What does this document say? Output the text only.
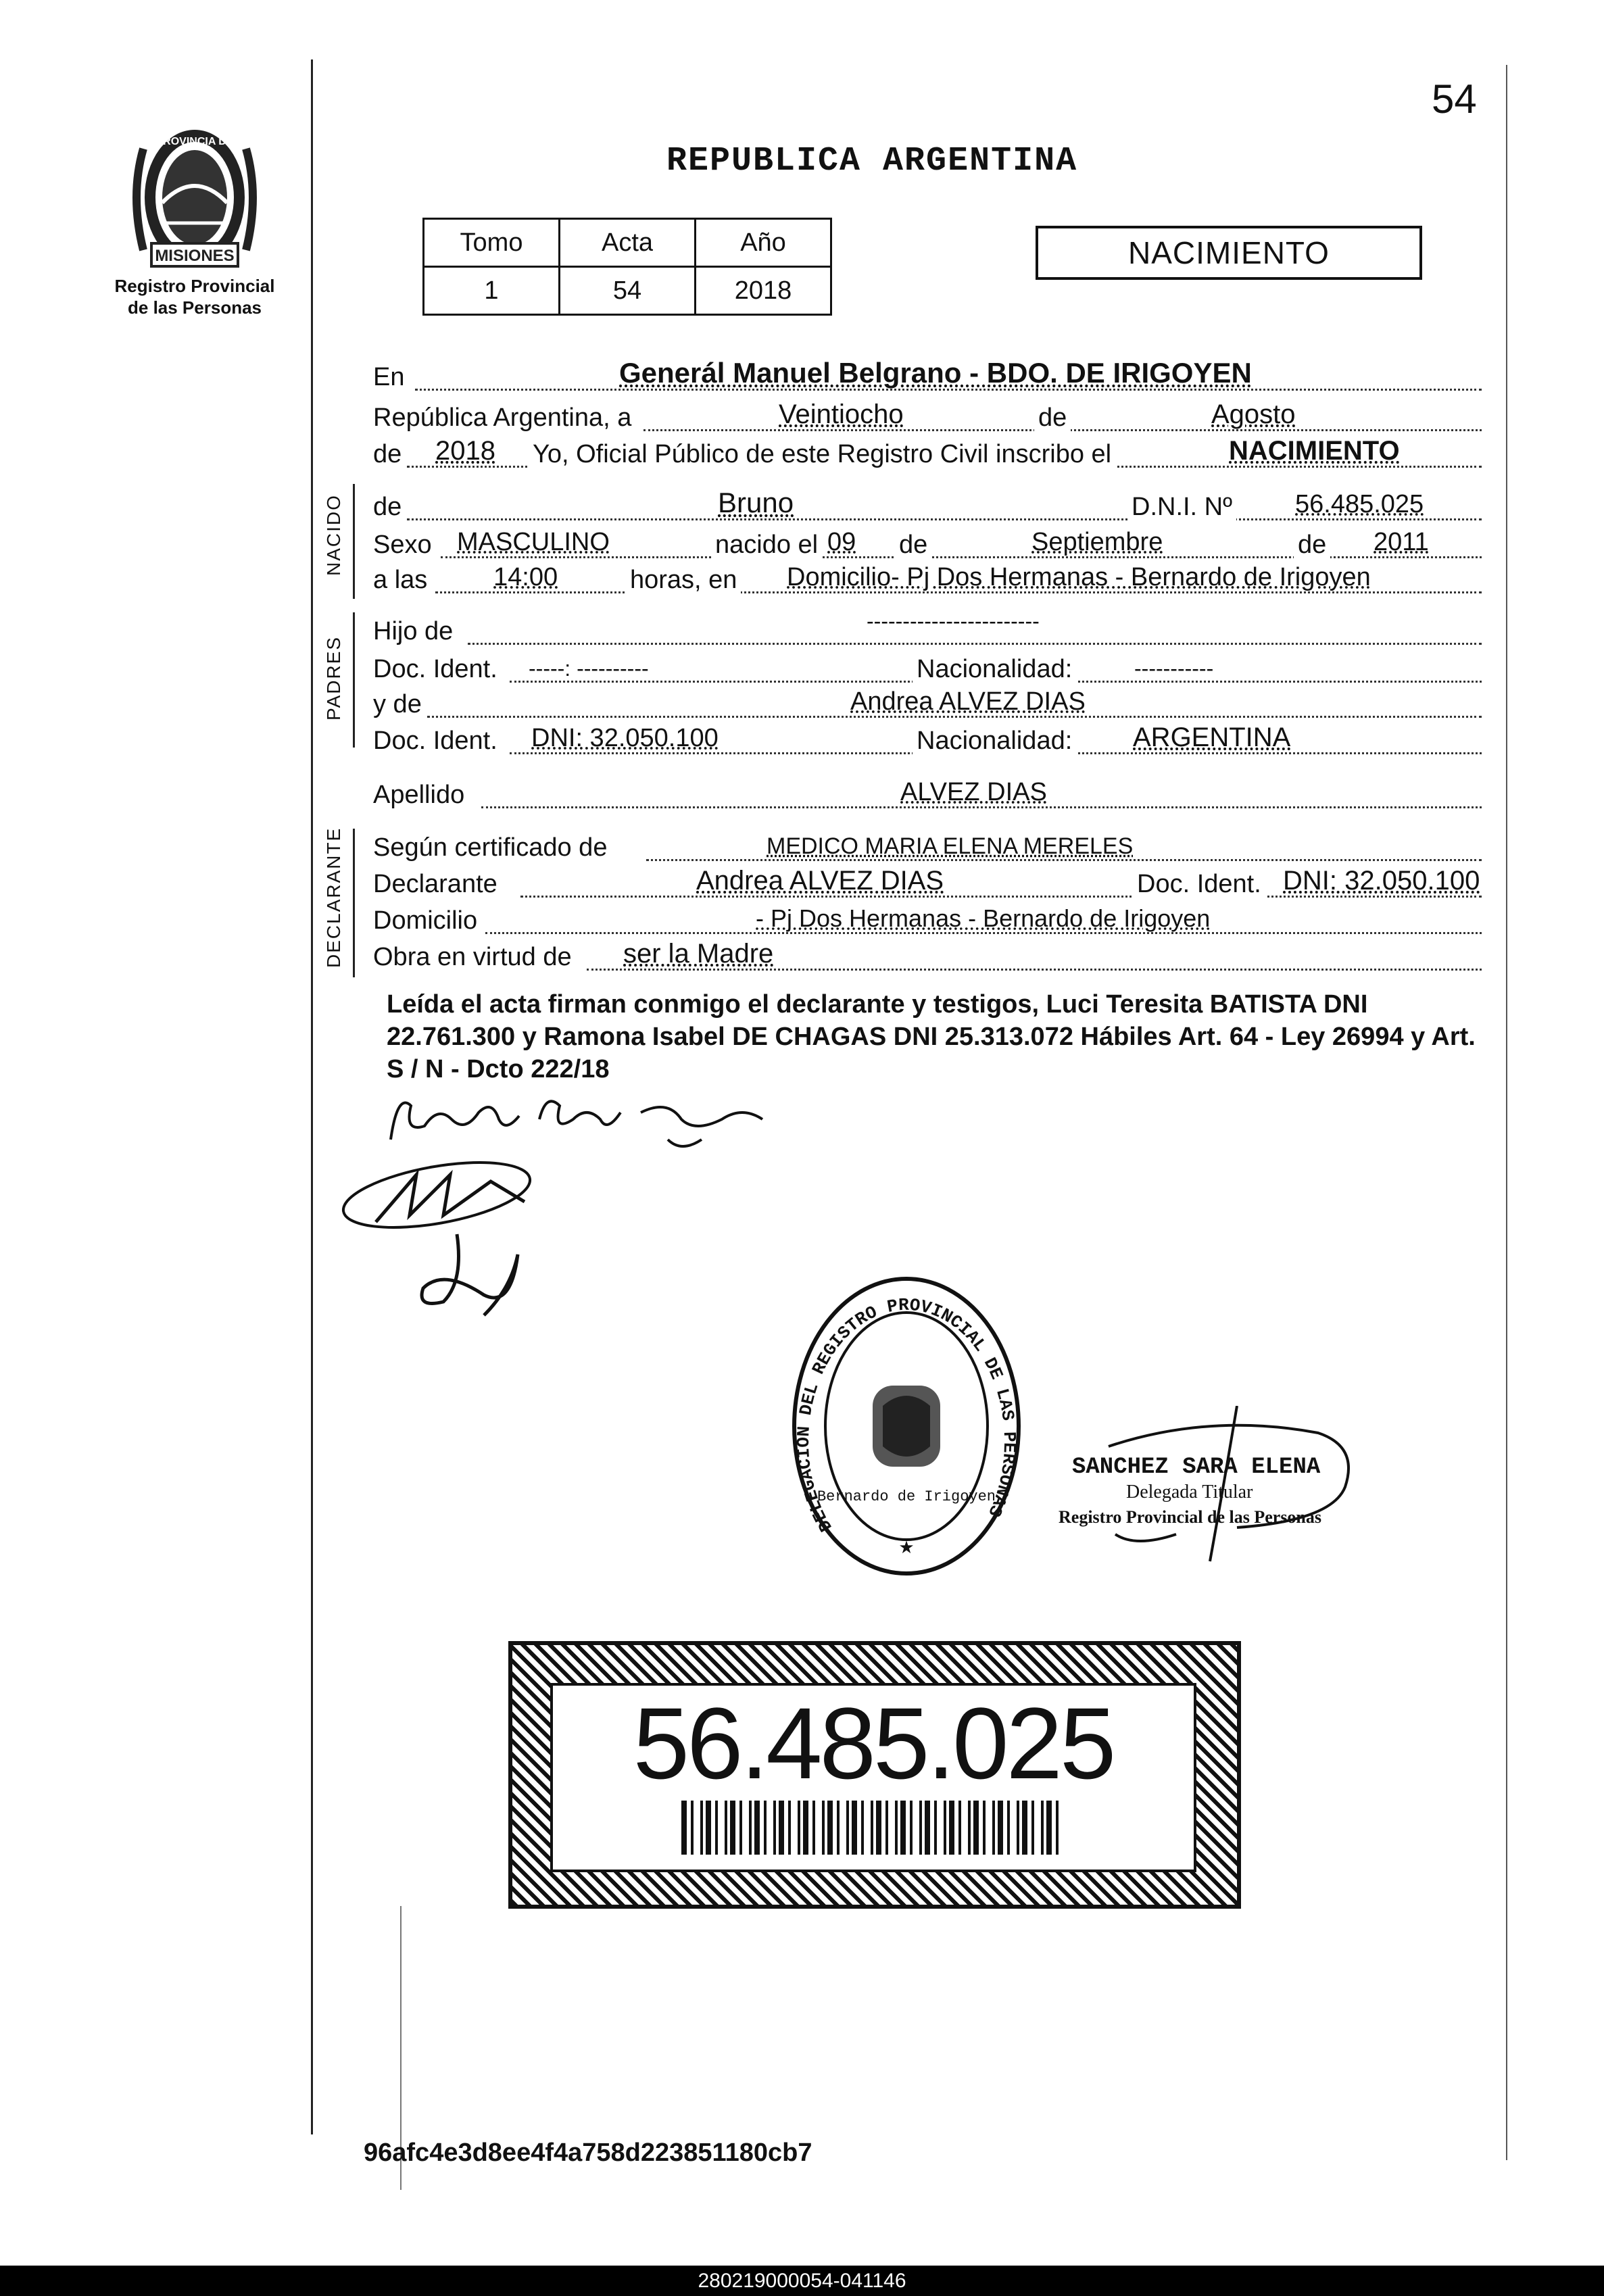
54
MISIONES
PROVINCIA DE
Registro Provincial
de las Personas
REPUBLICA ARGENTINA
Tomo	Acta	Año
1	54	2018
NACIMIENTO
En	Generál Manuel Belgrano - BDO. DE IRIGOYEN
República Argentina, a	Veintiocho	de	Agosto
de 2018 Yo, Oficial Público de este Registro Civil inscribo el	NACIMIENTO
NACIDO de	Bruno	D.N.I. Nº 56.485.025
Sexo MASCULINO	nacido el 09 de	Septiembre	de 2011
a las	14:00	horas, en Domicilio- Pj Dos Hermanas - Bernardo de Irigoyen
PADRES
Hijo de	------------------------
Doc. Ident. -----: ----------	Nacionalidad:	-----------
y de	Andrea ALVEZ DIAS
Doc. Ident. DNI: 32.050.100	Nacionalidad: ARGENTINA
Apellido	ALVEZ DIAS
DECLARANTE Según certificado de	MEDICO MARIA ELENA MERELES
Declarante	Andrea ALVEZ DIAS	Doc. Ident. DNI: 32.050.100
Domicilio	- Pj Dos Hermanas - Bernardo de Irigoyen
Obra en virtud de ser la Madre
Leída el acta firman conmigo el declarante y testigos, Luci Teresita BATISTA DNI 22.761.300 y Ramona Isabel DE CHAGAS DNI 25.313.072 Hábiles Art. 64 - Ley 26994 y Art. S / N - Dcto 222/18
DELEGACION DEL REGISTRO PROVINCIAL DE LAS PERSONAS
Bernardo de Irigoyen
★
SANCHEZ SARA ELENA
Delegada Titular
Registro Provincial de las Personas
56.485.025
96afc4e3d8ee4f4a758d223851180cb7
280219000054-041146
